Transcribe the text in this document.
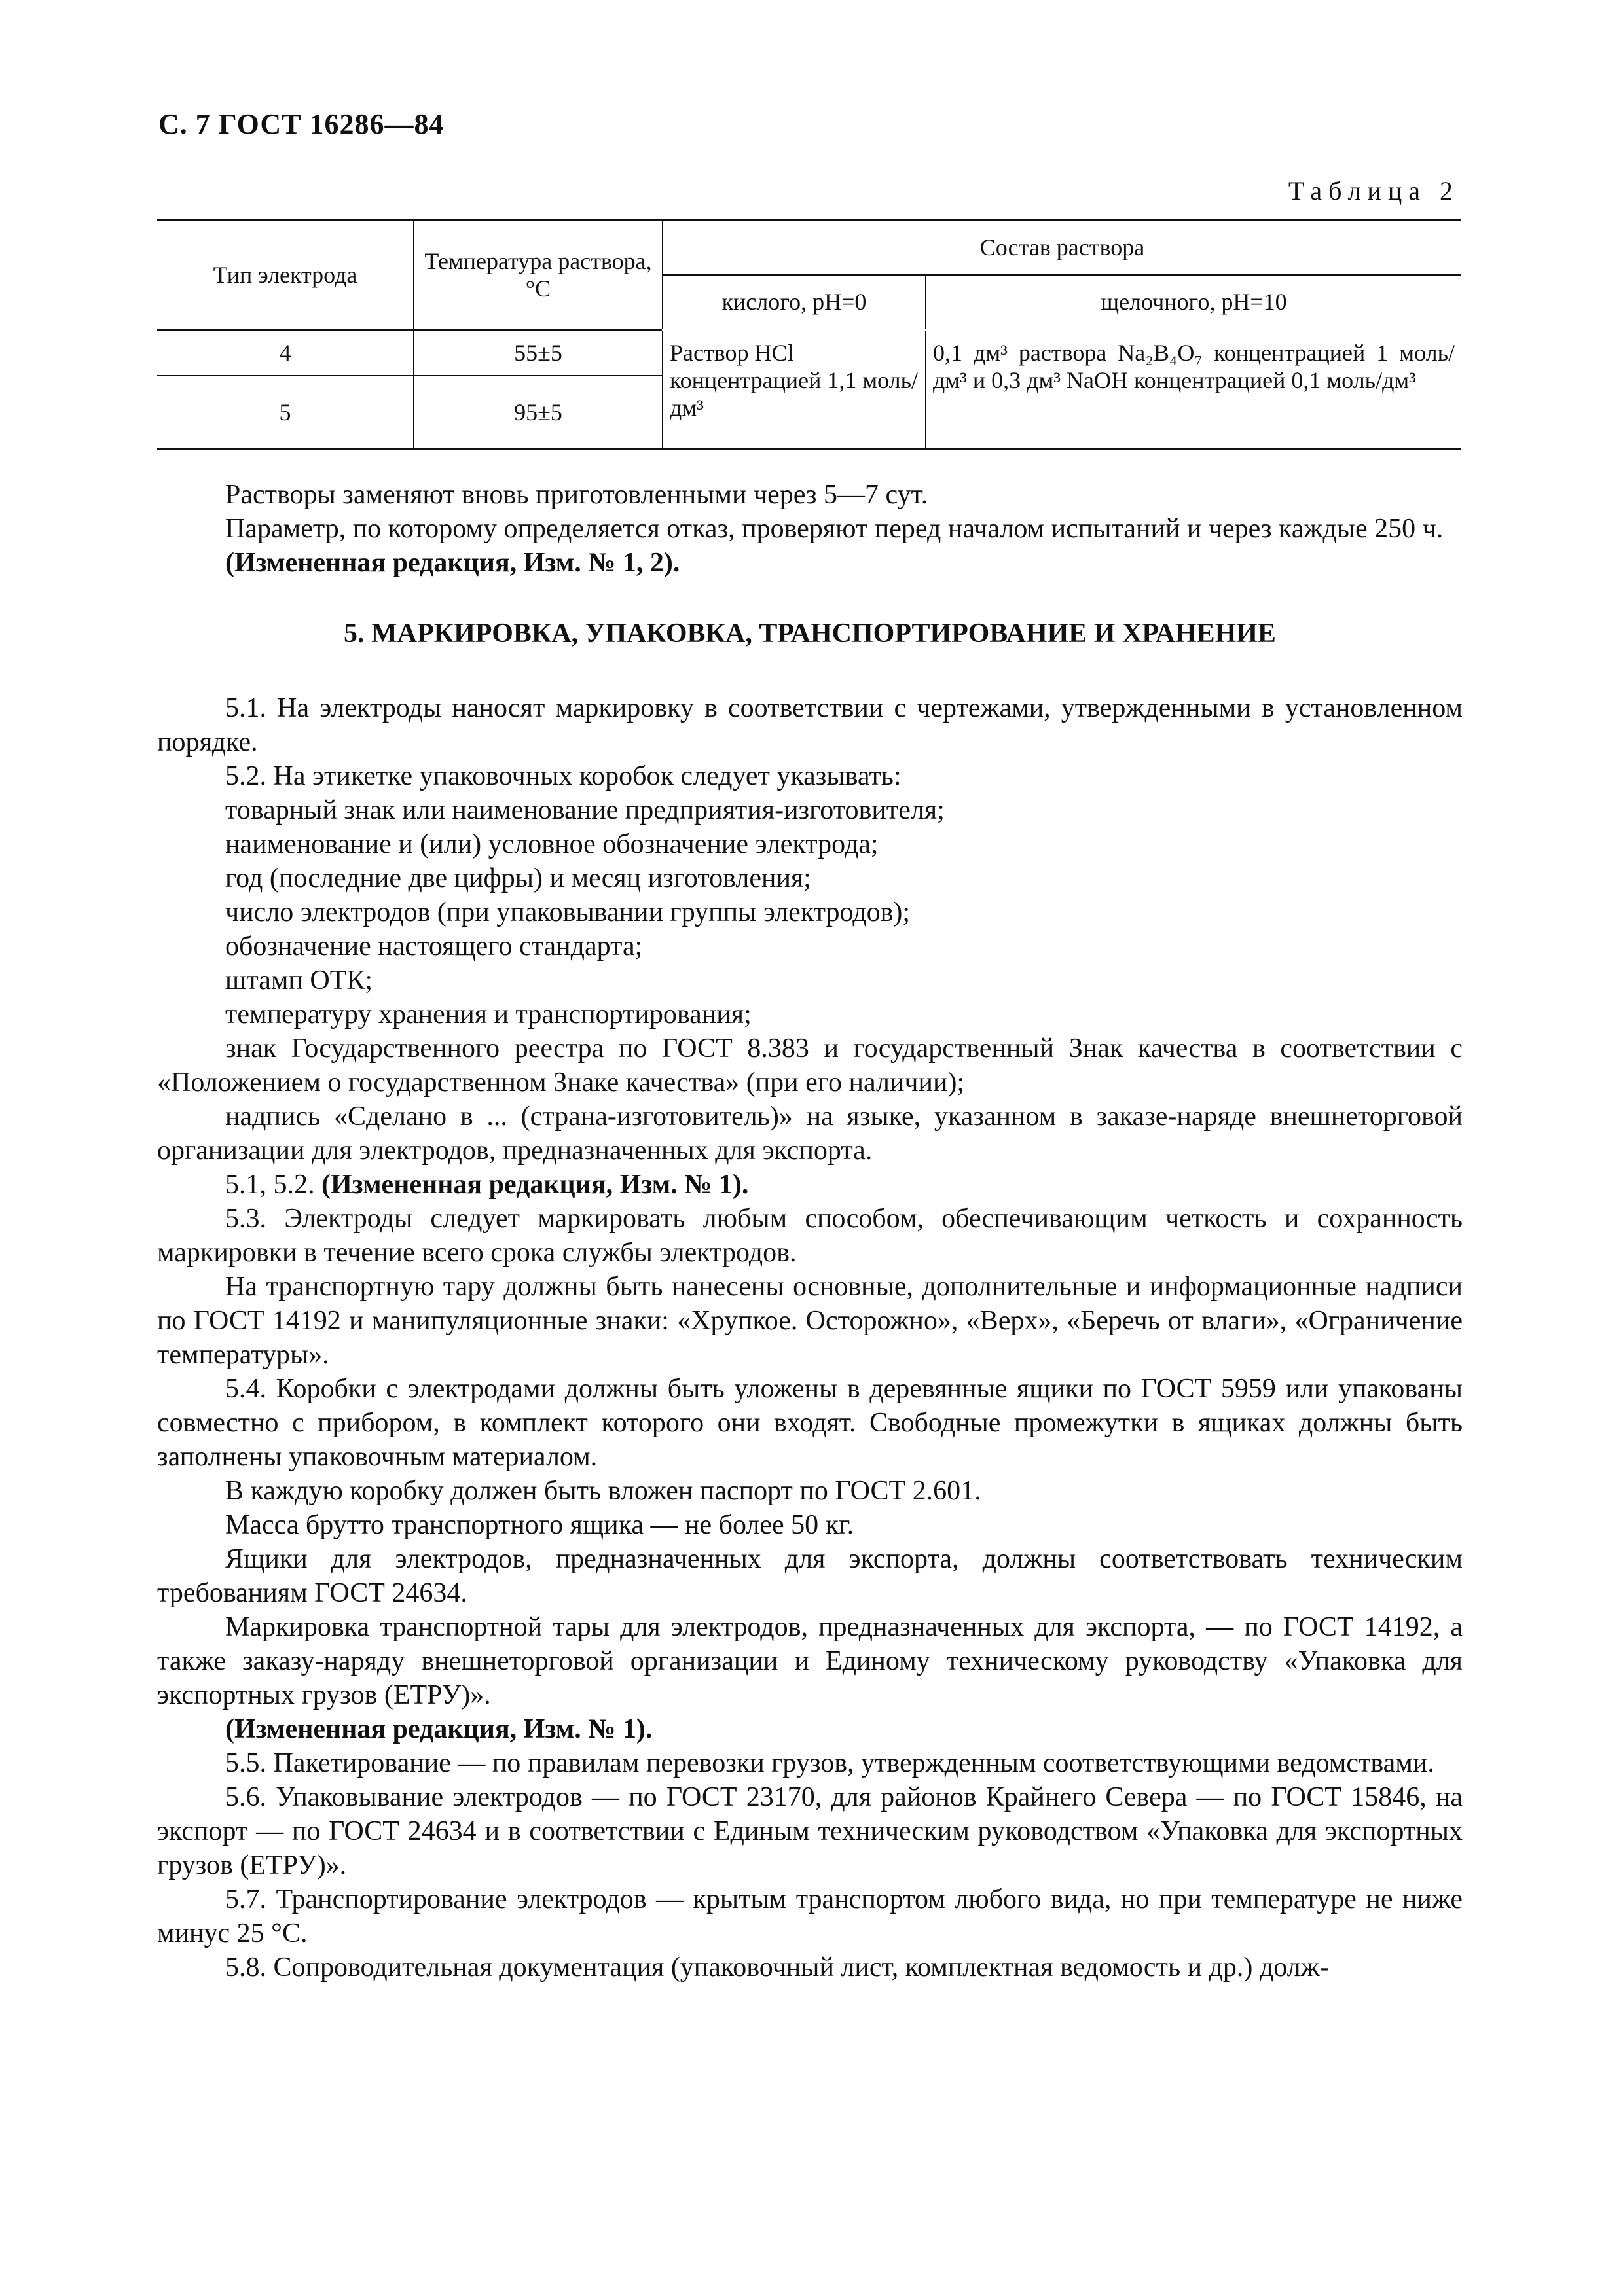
С. 7 ГОСТ 16286—84
Таблица 2
Тип электрода	Температура раствора, °С	Состав раствора	
		кислого, pH=0	щелочного, pH=10
4	55±5	Раствор HCl концентрацией 1,1 моль/дм³	0,1 дм³ раствора Na₂B₄O₇ концентрацией 1 моль/дм³ и 0,3 дм³ NaOH концентрацией 0,1 моль/дм³
5	95±5		

Растворы заменяют вновь приготовленными через 5—7 сут.

Параметр, по которому определяется отказ, проверяют перед началом испытаний и через каждые 250 ч.

(Измененная редакция, Изм. № 1, 2).

5. МАРКИРОВКА, УПАКОВКА, ТРАНСПОРТИРОВАНИЕ И ХРАНЕНИЕ

5.1. На электроды наносят маркировку в соответствии с чертежами, утвержденными в установленном порядке.

5.2. На этикетке упаковочных коробок следует указывать:

товарный знак или наименование предприятия-изготовителя;

наименование и (или) условное обозначение электрода;

год (последние две цифры) и месяц изготовления;

число электродов (при упаковывании группы электродов);

обозначение настоящего стандарта;

штамп ОТК;

температуру хранения и транспортирования;

знак Государственного реестра по ГОСТ 8.383 и государственный Знак качества в соответствии с «Положением о государственном Знаке качества» (при его наличии);

надпись «Сделано в ... (страна-изготовитель)» на языке, указанном в заказе-наряде внешнеторговой организации для электродов, предназначенных для экспорта.

5.1, 5.2. (Измененная редакция, Изм. № 1).

5.3. Электроды следует маркировать любым способом, обеспечивающим четкость и сохранность маркировки в течение всего срока службы электродов.

На транспортную тару должны быть нанесены основные, дополнительные и информационные надписи по ГОСТ 14192 и манипуляционные знаки: «Хрупкое. Осторожно», «Верх», «Беречь от влаги», «Ограничение температуры».

5.4. Коробки с электродами должны быть уложены в деревянные ящики по ГОСТ 5959 или упакованы совместно с прибором, в комплект которого они входят. Свободные промежутки в ящиках должны быть заполнены упаковочным материалом.

В каждую коробку должен быть вложен паспорт по ГОСТ 2.601.

Масса брутто транспортного ящика — не более 50 кг.

Ящики для электродов, предназначенных для экспорта, должны соответствовать техническим требованиям ГОСТ 24634.

Маркировка транспортной тары для электродов, предназначенных для экспорта, — по ГОСТ 14192, а также заказу-наряду внешнеторговой организации и Единому техническому руководству «Упаковка для экспортных грузов (ЕТРУ)».

(Измененная редакция, Изм. № 1).

5.5. Пакетирование — по правилам перевозки грузов, утвержденным соответствующими ведомствами.

5.6. Упаковывание электродов — по ГОСТ 23170, для районов Крайнего Севера — по ГОСТ 15846, на экспорт — по ГОСТ 24634 и в соответствии с Единым техническим руководством «Упаковка для экспортных грузов (ЕТРУ)».

5.7. Транспортирование электродов — крытым транспортом любого вида, но при температуре не ниже минус 25 °С.

5.8. Сопроводительная документация (упаковочный лист, комплектная ведомость и др.) долж-
